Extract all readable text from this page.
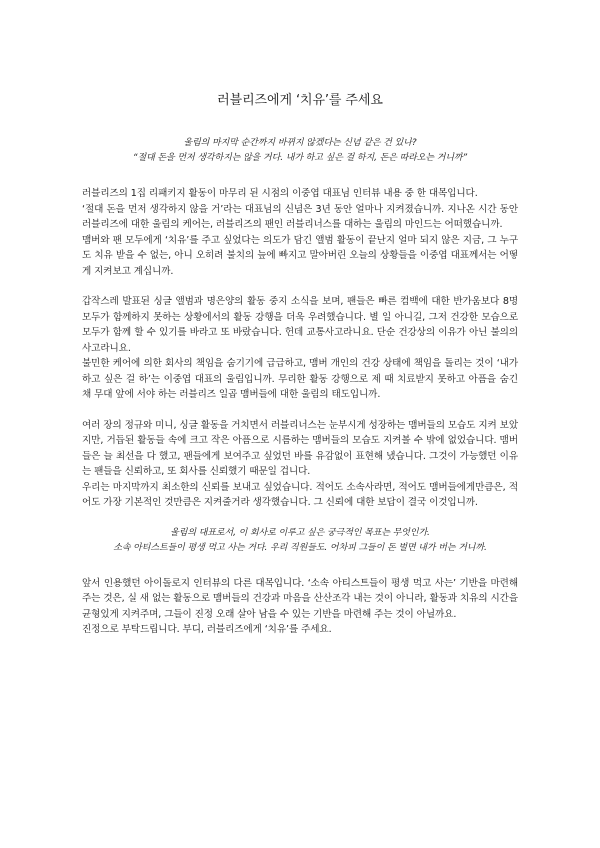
러블리즈에게 ‘치유’를 주세요

울림의 마지막 순간까지 바뀌지 않겠다는 신념 같은 건 있나?

“절대 돈을 먼저 생각하지는 않을 거다. 내가 하고 싶은 걸 하지, 돈은 따라오는 거니까”

러블리즈의 1집 리패키지 활동이 마무리 된 시점의 이중엽 대표님 인터뷰 내용 중 한 대목입니다.

‘절대 돈을 먼저 생각하지 않을 거’라는 대표님의 신념은 3년 동안 얼마나 지켜졌습니까. 지나온 시간 동안 러블리즈에 대한 울림의 케어는, 러블리즈의 팬인 러블리너스를 대하는 울림의 마인드는 어떠했습니까.

맴버와 팬 모두에게 ‘치유’를 주고 싶었다는 의도가 담긴 앨범 활동이 끝난지 얼마 되지 않은 지금, 그 누구도 치유 받을 수 없는, 아니 오히려 불치의 늪에 빠지고 말아버린 오늘의 상황들을 이중엽 대표께서는 어떻게 지켜보고 계십니까.

갑작스레 발표된 싱글 앨범과 명은양의 활동 중지 소식을 보며, 팬들은 빠른 컴백에 대한 반가움보다 8명 모두가 함께하지 못하는 상황에서의 활동 강행을 더욱 우려했습니다. 별 일 아니길, 그저 건강한 모습으로 모두가 함께 할 수 있기를 바라고 또 바랐습니다. 헌데 교통사고라니요. 단순 건강상의 이유가 아닌 불의의 사고라니요.

불민한 케어에 의한 회사의 책임을 숨기기에 급급하고, 맴버 개인의 건강 상태에 책임을 돌리는 것이 ‘내가 하고 싶은 걸 하’는 이중엽 대표의 울림입니까. 무리한 활동 강행으로 제 때 치료받지 못하고 아픔을 숨긴 채 무대 앞에 서야 하는 러블리즈 일곱 맴버들에 대한 울림의 태도입니까.

여러 장의 정규와 미니, 싱글 활동을 거치면서 러블리너스는 눈부시게 성장하는 맴버들의 모습도 지켜 보았지만, 거듭된 활동들 속에 크고 작은 아픔으로 시름하는 맴버들의 모습도 지켜볼 수 밖에 없었습니다. 맴버들은 늘 최선을 다 했고, 팬들에게 보여주고 싶었던 바를 유감없이 표현해 냈습니다. 그것이 가능했던 이유는 팬들을 신뢰하고, 또 회사를 신뢰했기 때문일 겁니다.

우리는 마지막까지 최소한의 신뢰를 보내고 싶었습니다. 적어도 소속사라면, 적어도 맴버들에게만큼은, 적어도 가장 기본적인 것만큼은 지켜줄거라 생각했습니다. 그 신뢰에 대한 보답이 결국 이것입니까.

울림의 대표로서, 이 회사로 이루고 싶은 궁극적인 목표는 무엇인가.

소속 아티스트들이 평생 먹고 사는 거다. 우리 직원들도. 어차피 그들이 돈 벌면 내가 버는 거니까.

앞서 인용했던 아이돌로지 인터뷰의 다른 대목입니다. ‘소속 아티스트들이 평생 먹고 사는’ 기반을 마련해 주는 것은, 실 새 없는 활동으로 맴버들의 건강과 마음을 산산조각 내는 것이 아니라, 활동과 치유의 시간을 균형있게 지켜주며, 그들이 진정 오래 살아 남을 수 있는 기반을 마련해 주는 것이 아닐까요.

진정으로 부탁드립니다. 부디, 러블리즈에게 ‘치유’를 주세요.
